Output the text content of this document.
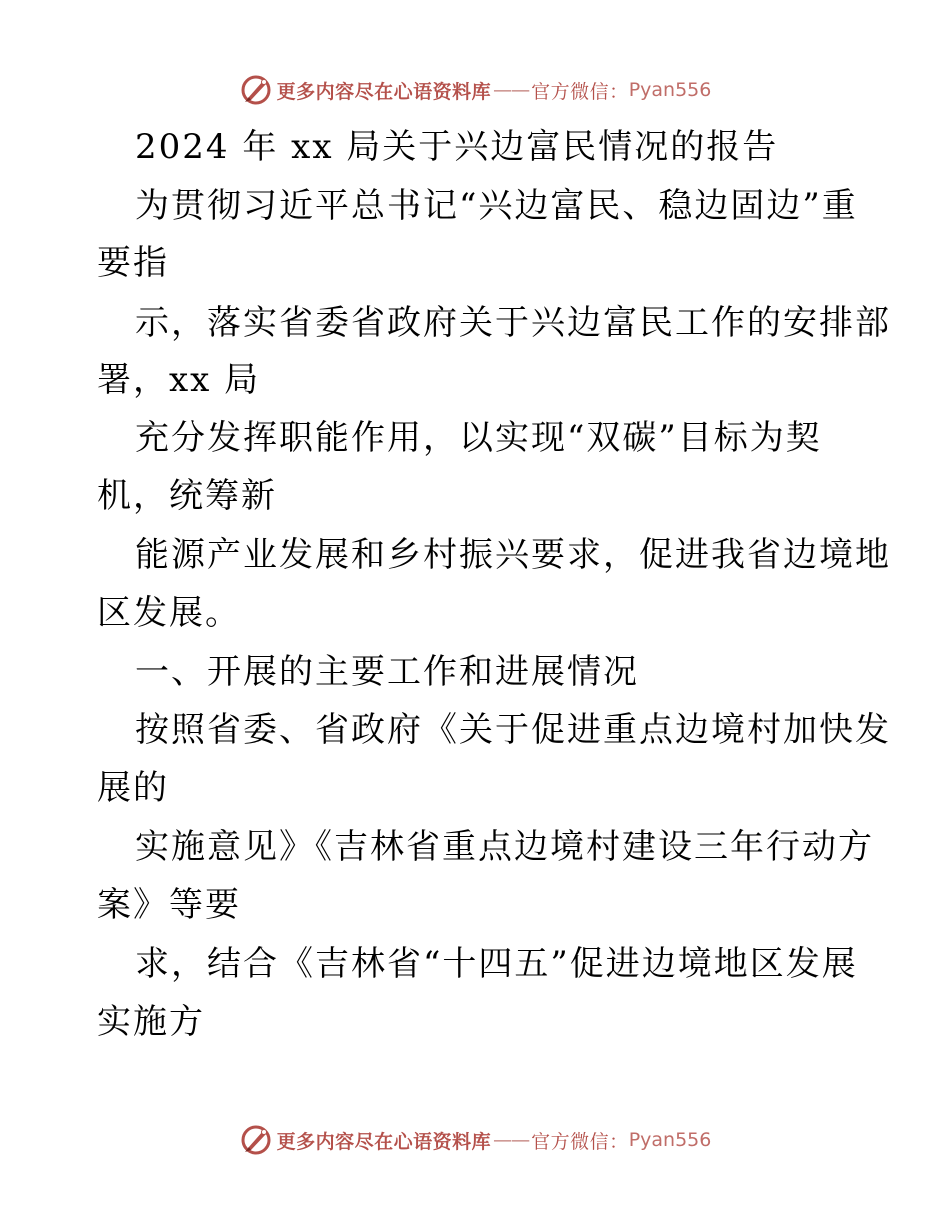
更多内容尽在心语资料库 —— 官方微信： Pyan556
2024 年 xx 局关于兴边富民情况的报告
为贯彻习近平总书记“兴边富民、稳边固边”重
要指
示，落实省委省政府关于兴边富民工作的安排部
署，xx 局
充分发挥职能作用，以实现“双碳”目标为契
机，统筹新
能源产业发展和乡村振兴要求，促进我省边境地
区发展。
一、开展的主要工作和进展情况
按照省委、省政府《关于促进重点边境村加快发
展的
实施意见》《吉林省重点边境村建设三年行动方
案》等要
求，结合《吉林省“十四五”促进边境地区发展
实施方
更多内容尽在心语资料库 —— 官方微信： Pyan556
